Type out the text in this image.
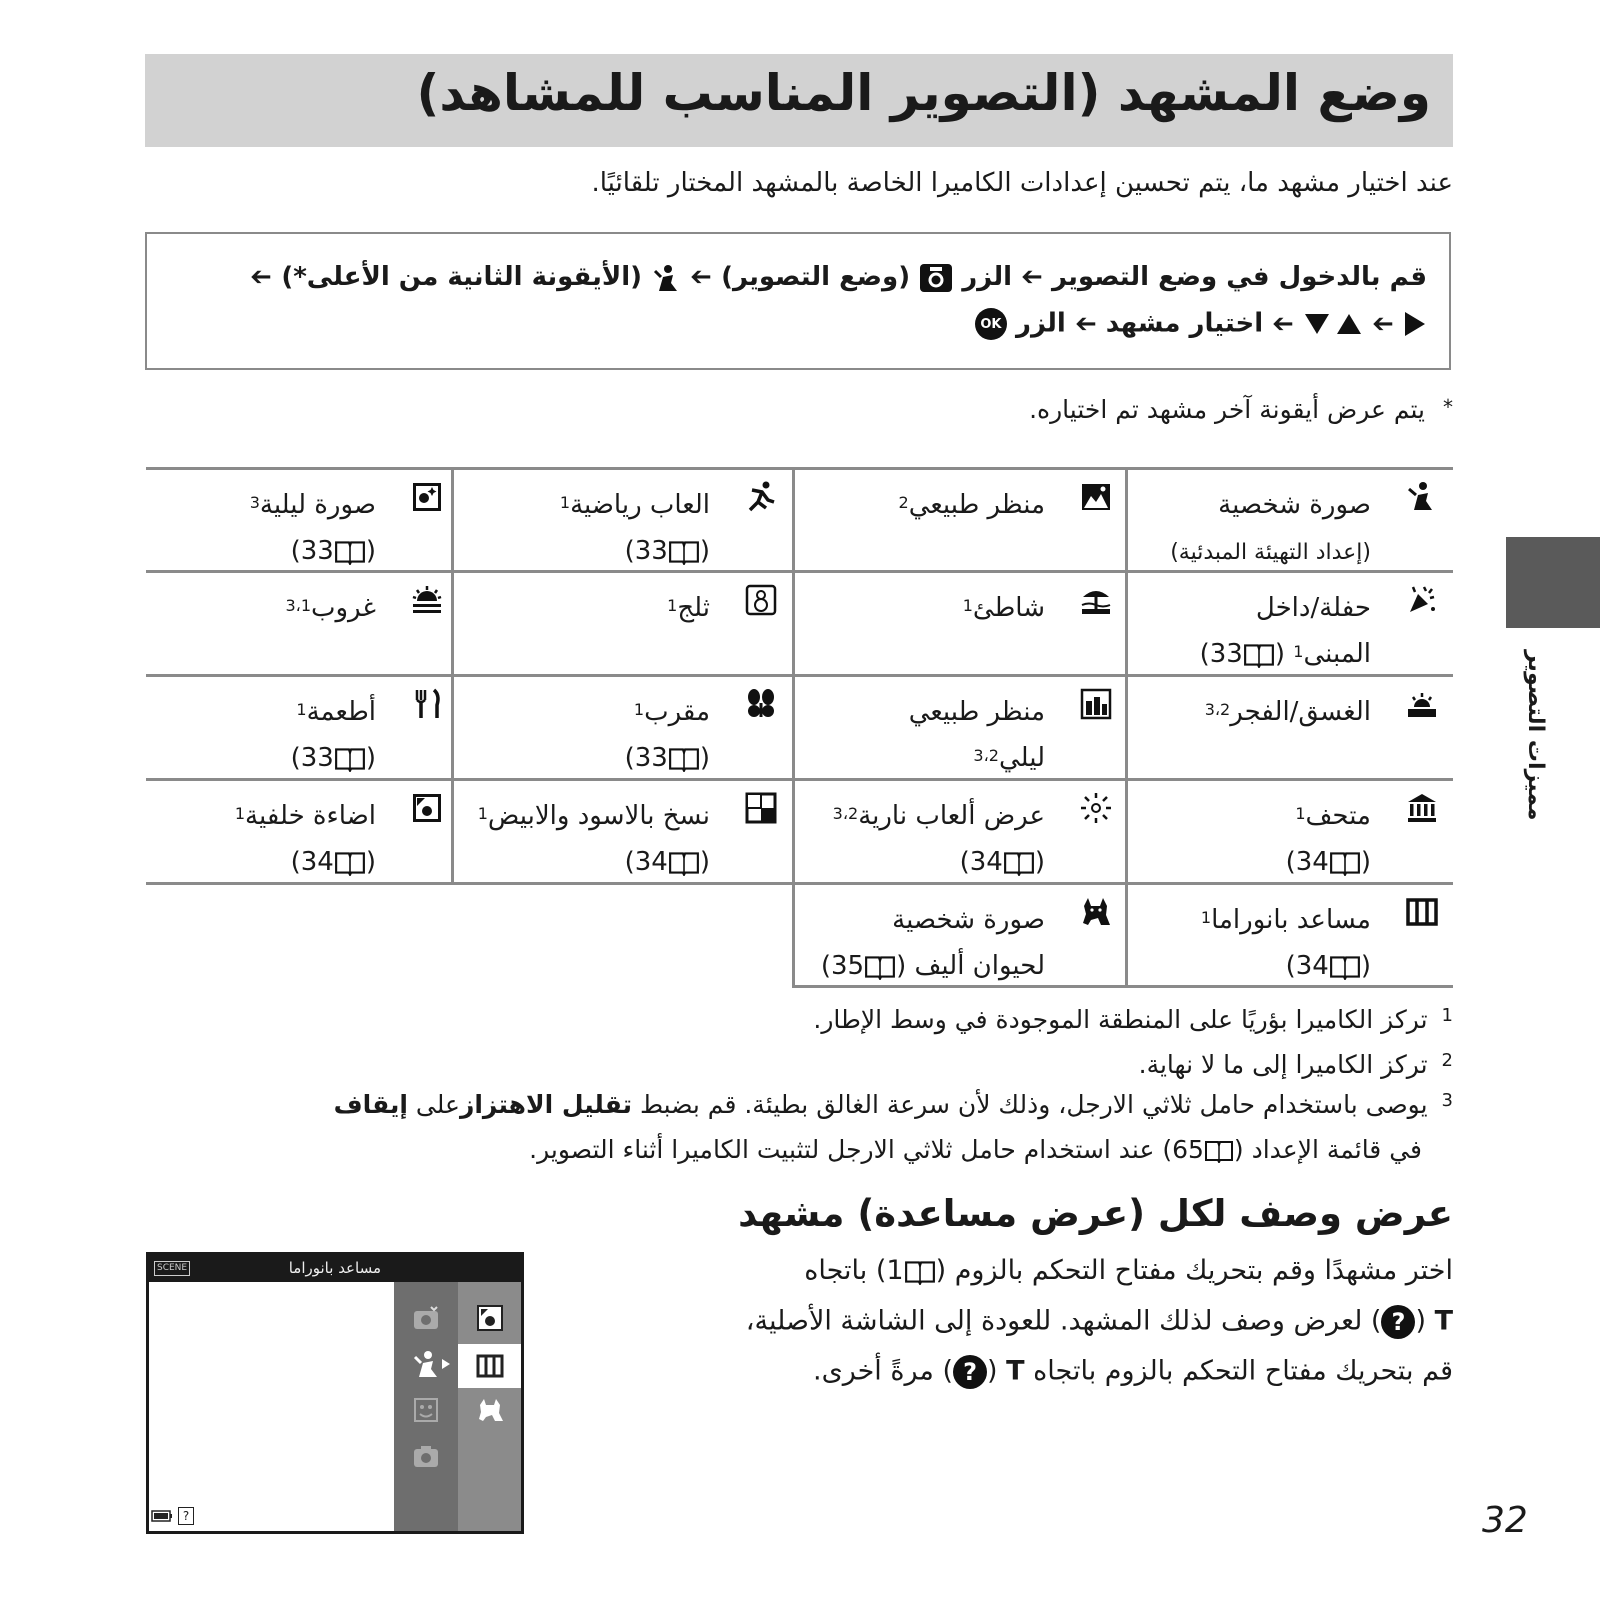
وضع المشهد (التصوير المناسب للمشاهد)
عند اختيار مشهد ما، يتم تحسين إعدادات الكاميرا الخاصة بالمشهد المختار تلقائيًا.
قم بالدخول في وضع التصوير ➔ الزر  (وضع التصوير) ➔  (الأيقونة الثانية من الأعلى*) ➔
➔  ➔ اختيار مشهد ➔ الزر OK
*يتم عرض أيقونة آخر مشهد تم اختياره.
صورة شخصية
(إعداد التهيئة المبدئية)
منظر طبيعي$^2$
العاب رياضية$^1$

(33)
صورة ليلية$^3$

(33)
حفلة/داخل
المبنى$^1$ (33)
شاطئ$^1$
ثلج$^1$
غروب$^{3،1}$
الغسق/الفجر$^{3،2}$
منظر طبيعي
ليلي$^{3،2}$
مقرب$^1$

(33)
أطعمة$^1$

(33)
متحف$^1$

(34)
عرض ألعاب نارية$^{3،2}$

(34)
نسخ بالاسود والابيض$^1$

(34)
اضاءة خلفية$^1$

(34)
مساعد بانوراما$^1$

(34)
صورة شخصية
لحيوان أليف (35)
$^1$تركز الكاميرا بؤريًا على المنطقة الموجودة في وسط الإطار.
$^2$تركز الكاميرا إلى ما لا نهاية.
$^3$يوصى باستخدام حامل ثلاثي الارجل، وذلك لأن سرعة الغالق بطيئة. قم بضبط تقليل الاهتزازعلى إيقاف
في قائمة الإعداد (65) عند استخدام حامل ثلاثي الارجل لتثبيت الكاميرا أثناء التصوير.
عرض وصف لكل (عرض مساعدة) مشهد
اختر مشهدًا وقم بتحريك مفتاح التحكم بالزوم (1) باتجاه
T (?) لعرض وصف لذلك المشهد. للعودة إلى الشاشة الأصلية،
قم بتحريك مفتاح التحكم بالزوم باتجاه T (?) مرةً أخرى.
SCENE	مساعد بانوراما
?
مميزات التصوير
32
